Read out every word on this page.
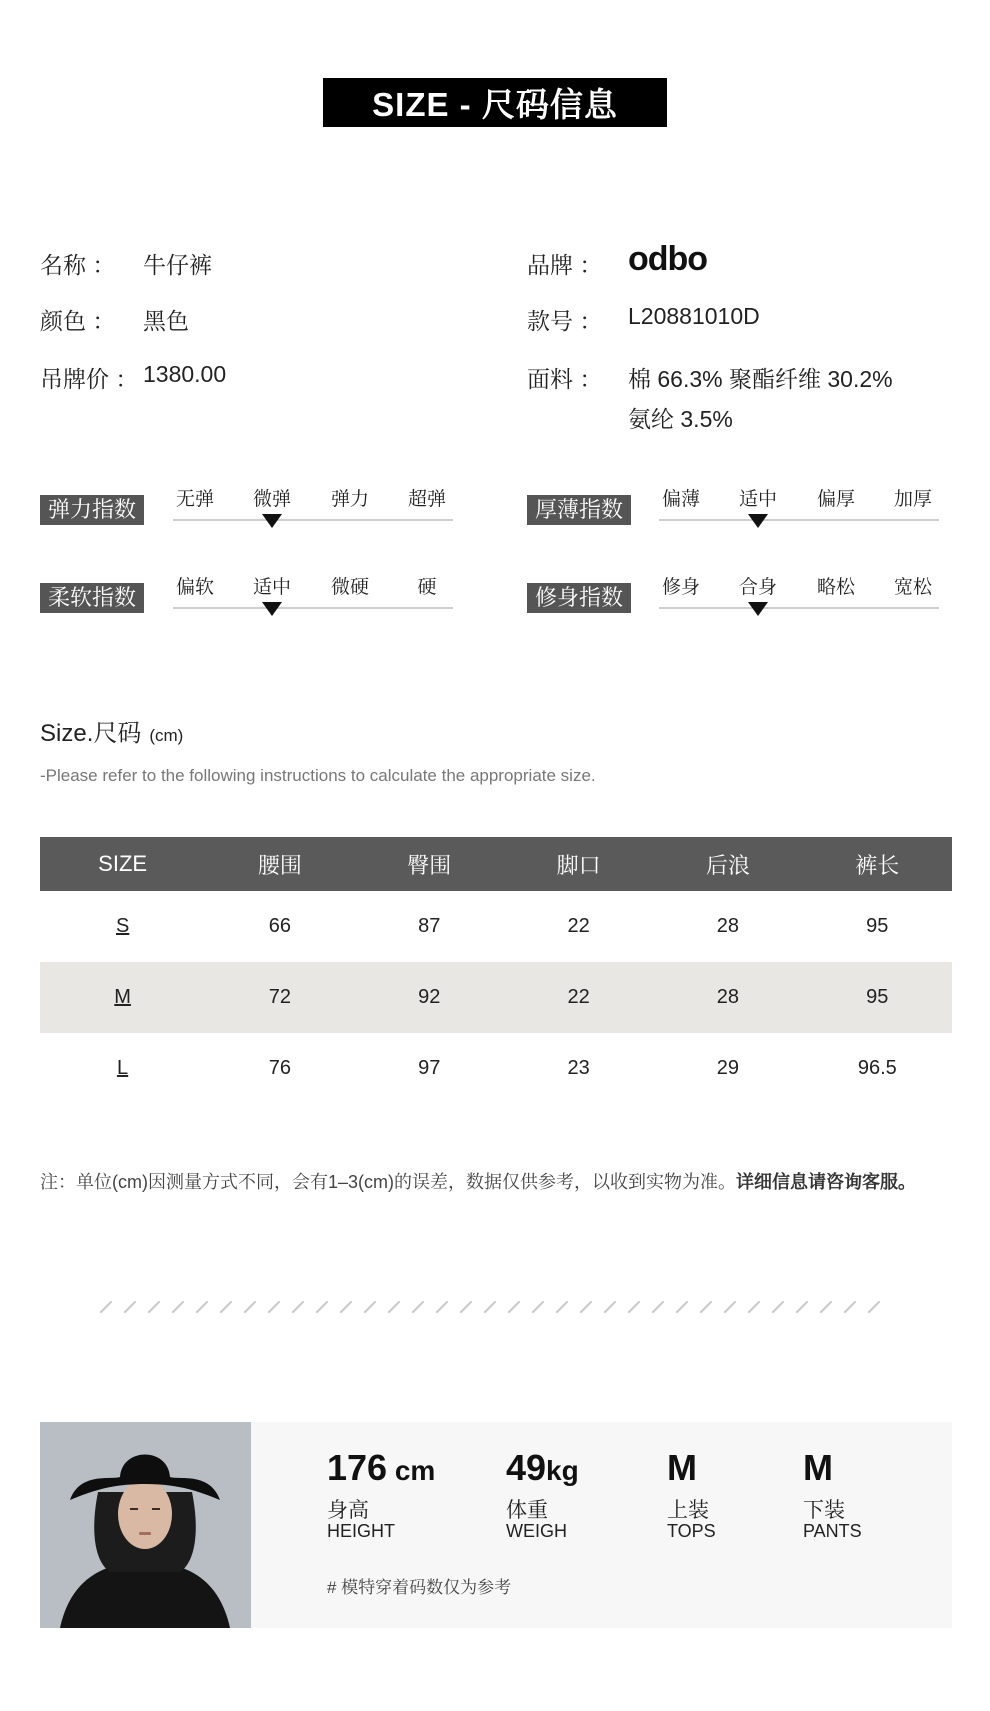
SIZE - 尺码信息
名称 ： 牛仔裤
颜色 ： 黑色
吊牌价 ： 1380.00
品牌 ： odbo
款号 ： L20881010D
面料 ： 棉 66.3% 聚酯纤维 30.2%
氨纶 3.5%
弹力指数	无弹	微弹	弹力	超弹	厚薄指数	偏薄	适中	偏厚	加厚
柔软指数	偏软	适中	微硬	硬	修身指数	修身	合身	略松	宽松
Size.尺码 (cm)
-Please refer to the following instructions to calculate the appropriate size.
SIZE	腰围	臀围	脚口	后浪	裤长
S	66	87	22	28	95
M	72	92	22	28	95
L	76	97	23	29	96.5
注：单位(cm)因测量方式不同，会有1–3(cm)的误差，数据仅供参考，以收到实物为准。详细信息请咨询客服。
176 cm
身高
HEIGHT
49kg
体重
WEIGH
M
上装
TOPS
M
下装
PANTS
# 模特穿着码数仅为参考
